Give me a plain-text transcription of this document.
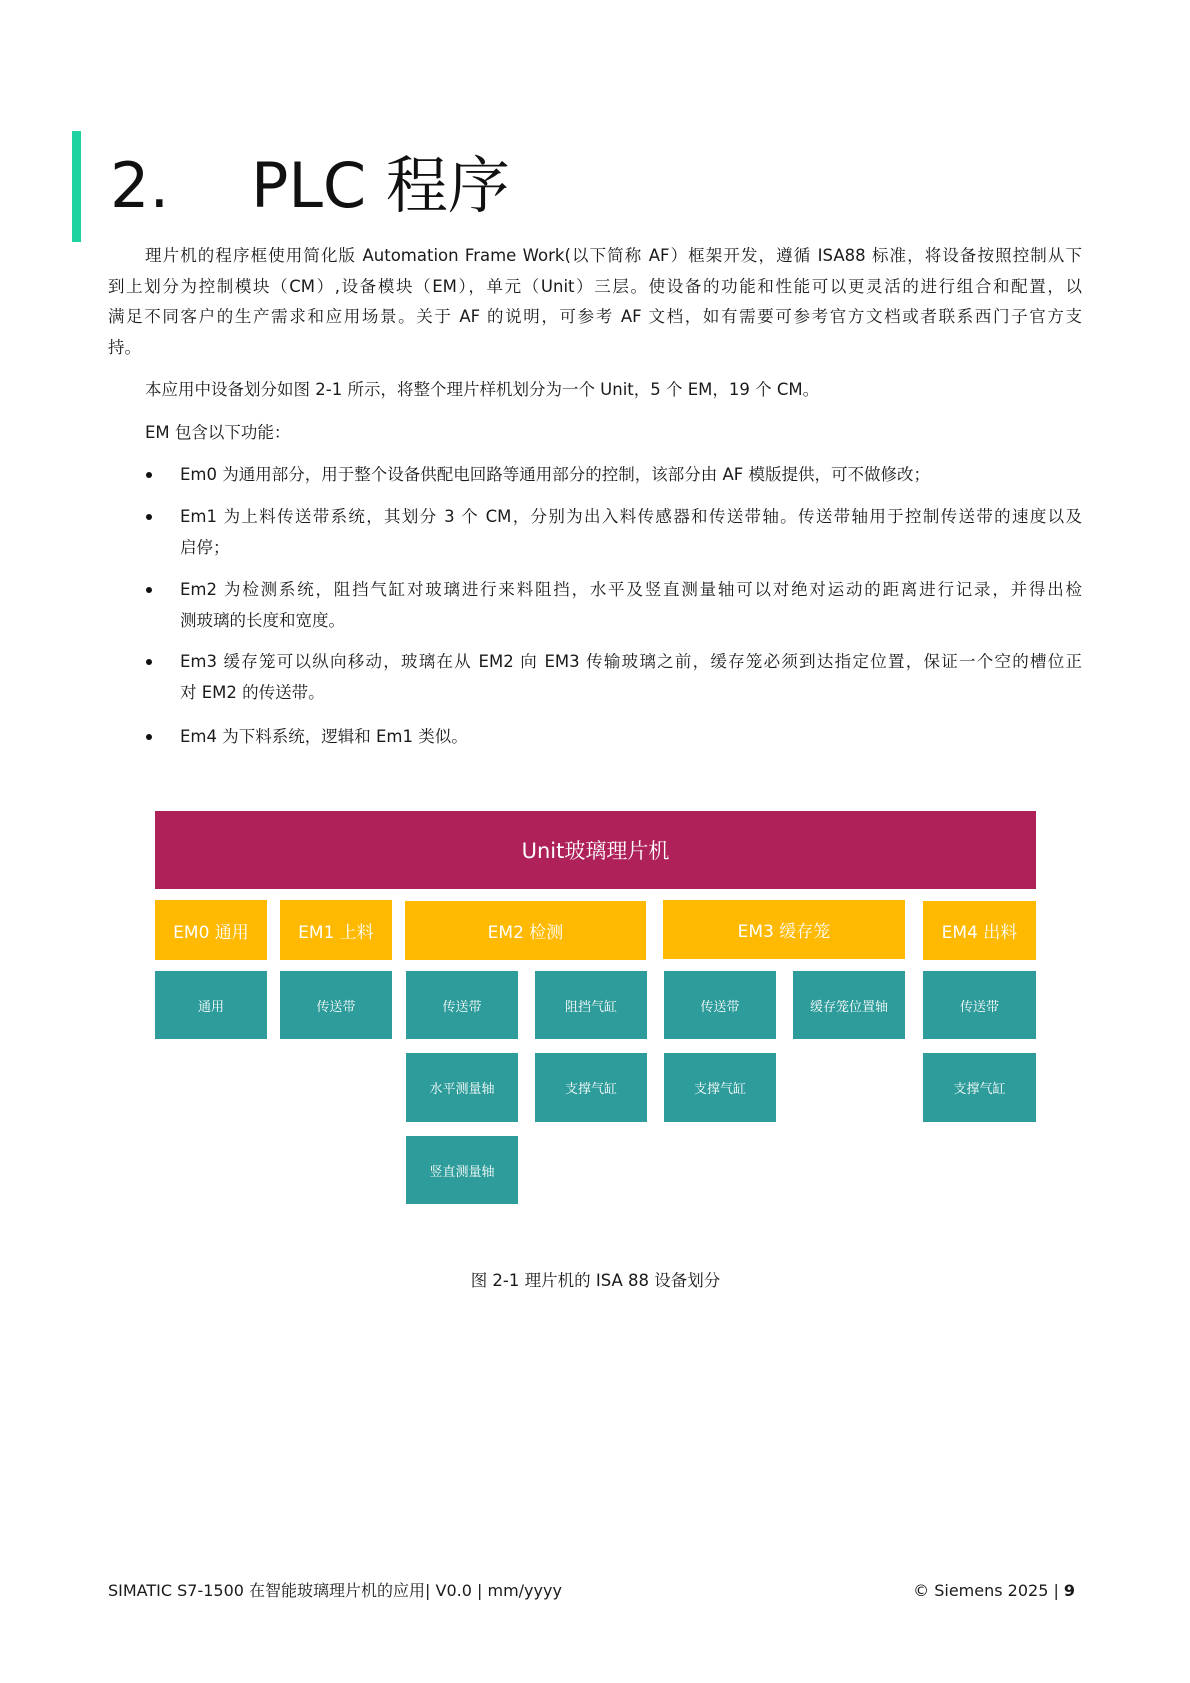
2. PLC 程序
理片机的程序框使用简化版 Automation Frame Work(以下简称 AF）框架开发，遵循 ISA88 标准，将设备按照控制从下
到上划分为控制模块（CM）,设备模块（EM），单元（Unit）三层。使设备的功能和性能可以更灵活的进行组合和配置，以
满足不同客户的生产需求和应用场景。关于 AF 的说明，可参考 AF 文档，如有需要可参考官方文档或者联系西门子官方支
持。
本应用中设备划分如图 2-1 所示，将整个理片样机划分为一个 Unit，5 个 EM，19 个 CM。
EM 包含以下功能：
Em0 为通用部分，用于整个设备供配电回路等通用部分的控制，该部分由 AF 模版提供，可不做修改；
Em1 为上料传送带系统，其划分 3 个 CM，分别为出入料传感器和传送带轴。传送带轴用于控制传送带的速度以及
启停；
Em2 为检测系统，阻挡气缸对玻璃进行来料阻挡，水平及竖直测量轴可以对绝对运动的距离进行记录，并得出检
测玻璃的长度和宽度。
Em3 缓存笼可以纵向移动，玻璃在从 EM2 向 EM3 传输玻璃之前，缓存笼必须到达指定位置，保证一个空的槽位正
对 EM2 的传送带。
Em4 为下料系统，逻辑和 Em1 类似。
Unit玻璃理片机
EM0 通用	EM1 上料	EM2 检测	EM3 缓存笼	EM4 出料
通用	传送带	传送带
水平测量轴
竖直测量轴
阻挡气缸
支撑气缸
传送带
支撑气缸
缓存笼位置轴	传送带
支撑气缸
图 2-1 理片机的 ISA 88 设备划分
SIMATIC S7-1500 在智能玻璃理片机的应用| V0.0 | mm/yyyy	© Siemens 2025 | 9
